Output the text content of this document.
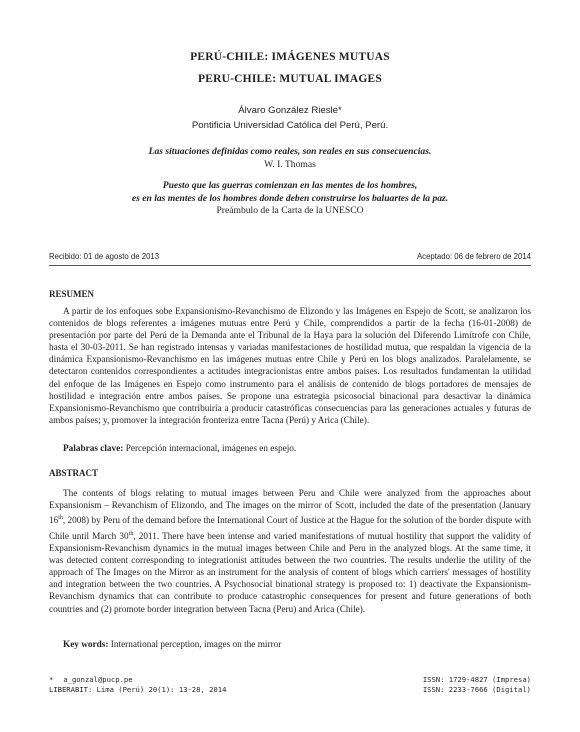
PERÚ-CHILE: IMÁGENES MUTUAS
PERU-CHILE: MUTUAL IMAGES
Álvaro González Riesle*
Pontificia Universidad Católica del Perú, Perú.
Las situaciones definidas como reales, son reales en sus consecuencias.
W. I. Thomas
Puesto que las guerras comienzan en las mentes de los hombres,
es en las mentes de los hombres donde deben construirse los baluartes de la paz.
Preámbulo de la Carta de la UNESCO
Recibido: 01 de agosto de 2013	Aceptado: 06 de febrero de 2014
RESUMEN
A partir de los enfoques sobe Expansionismo-Revanchismo de Elizondo y las Imágenes en Espejo de Scott, se analizaron los contenidos de blogs referentes a imágenes mutuas entre Perú y Chile, comprendidos a partir de la fecha (16-01-2008) de presentación por parte del Perú de la Demanda ante el Tribunal de la Haya para la solución del Diferendo Limítrofe con Chile, hasta el 30-03-2011. Se han registrado intensas y variadas manifestaciones de hostilidad mutua, que respaldan la vigencia de la dinámica Expansionismo-Revanchismo en las imágenes mutuas entre Chile y Perú en los blogs analizados. Paralelamente, se detectaron contenidos correspondientes a actitudes integracionistas entre ambos países. Los resultados fundamentan la utilidad del enfoque de las Imágenes en Espejo como instrumento para el análisis de contenido de blogs portadores de mensajes de hostilidad e integración entre ambos países. Se propone una estrategia psicosocial binacional para desactivar la dinámica Expansionismo-Revanchismo que contribuiría a producir catastróficas consecuencias para las generaciones actuales y futuras de ambos países; y, promover la integración fronteriza entre Tacna (Perú) y Arica (Chile).
Palabras clave: Percepción internacional, imágenes en espejo.
ABSTRACT
The contents of blogs relating to mutual images between Peru and Chile were analyzed from the approaches about Expansionism – Revanchism of Elizondo, and The images on the mirror of Scott, included the date of the presentation (January 16th, 2008) by Peru of the demand before the International Court of Justice at the Hague for the solution of the border dispute with Chile until March 30th, 2011. There have been intense and varied manifestations of mutual hostility that support the validity of Expansionism-Revanchism dynamics in the mutual images between Chile and Peru in the analyzed blogs. At the same time, it was detected content corresponding to integrationist attitudes between the two countries. The results underlie the utility of the approach of The Images on the Mirror as an instrument for the analysis of content of blogs which carriers' messages of hostility and integration between the two countries. A Psychosocial binational strategy is proposed to: 1) deactivate the Expansionism-Revanchism dynamics that can contribute to produce catastrophic consequences for present and future generations of both countries and (2) promote border integration between Tacna (Peru) and Arica (Chile).
Key words: International perception, images on the mirror
* a_gonzal@pucp.pe
LIBERABIT: Lima (Perú) 20(1): 13-28, 2014
ISSN: 1729-4827 (Impresa)
ISSN: 2233-7666 (Digital)
